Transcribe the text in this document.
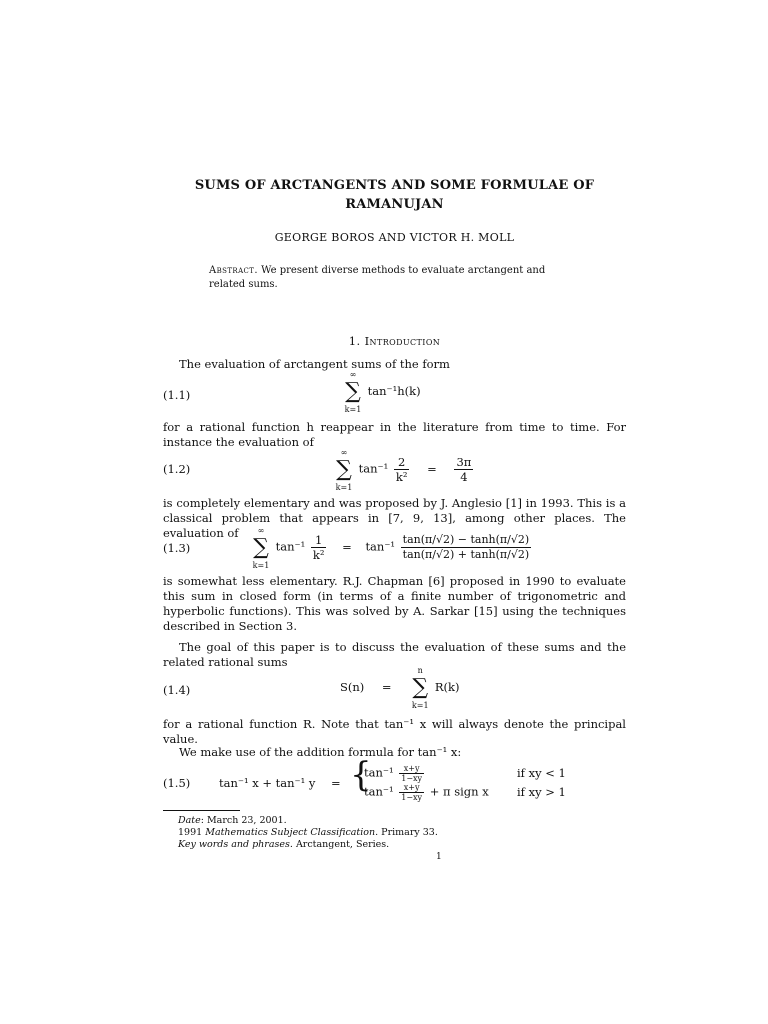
SUMS OF ARCTANGENTS AND SOME FORMULAE OF
RAMANUJAN
GEORGE BOROS AND VICTOR H. MOLL
Abstract. We present diverse methods to evaluate arctangent and related sums.
1. Introduction
The evaluation of arctangent sums of the form
(1.1)
∞
∑
k=1
tan⁻¹h(k)
for a rational function h reappear in the literature from time to time. For instance the evaluation of
(1.2)
∞
∑
k=1
$\tan^{-1} \frac{2}{\text{k²}} = \frac{3\pi}{4}$
is completely elementary and was proposed by J. Anglesio [1] in 1993. This is a classical problem that appears in [7, 9, 13], among other places. The evaluation of
(1.3)
∞
∑
k=1
$\tan^{-1} \frac{1}{\text{k²}} = \tan^{-1} \frac{\tan(\pi/√2) - \tanh(\pi/√2)}{\tan(\pi/√2) + \tanh(\pi/√2)}$
is somewhat less elementary. R.J. Chapman [6] proposed in 1990 to evaluate this sum in closed form (in terms of a finite number of trigonometric and hyperbolic functions). This was solved by A. Sarkar [15] using the techniques described in Section 3.
The goal of this paper is to discuss the evaluation of these sums and the related rational sums
(1.4)	S(n) =
n
∑
k=1
R(k)
for a rational function R. Note that tan⁻¹ x will always denote the principal value.
We make use of the addition formula for tan⁻¹ x:
(1.5) tan⁻¹ x + tan⁻¹ y = {
$\tan^{-1} \frac{x+y}{1-xy}$	if xy < 1
$\tan^{-1} \frac{x+y}{1-xy} + \pi$ sign x if xy > 1
Date: March 23, 2001.
1991 Mathematics Subject Classification. Primary 33.
Key words and phrases. Arctangent, Series.
1
